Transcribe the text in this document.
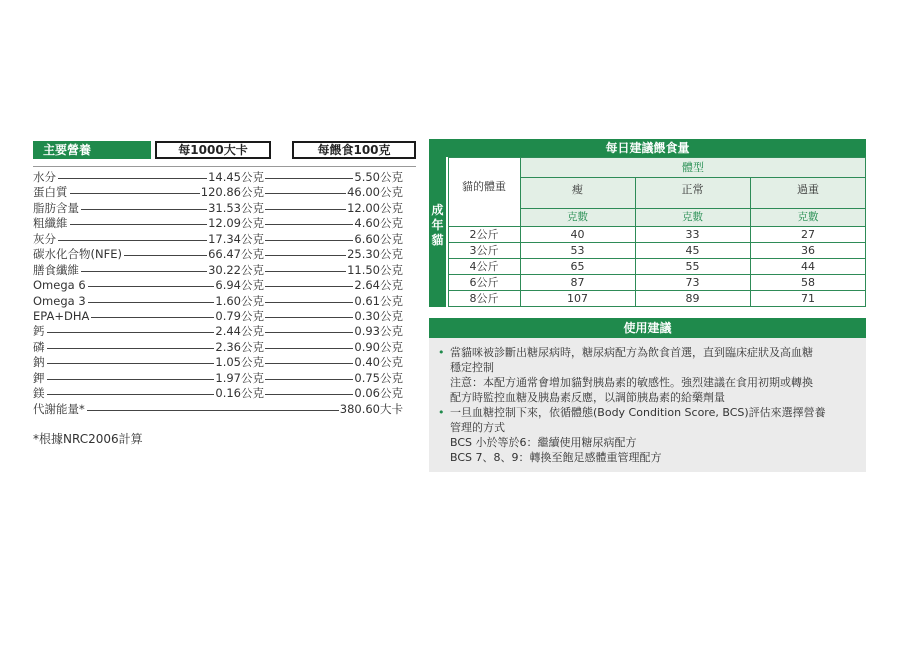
主要營養	每1000大卡	每餵食100克
水分	14.45公克	5.50公克
蛋白質	120.86公克	46.00公克
脂肪含量	31.53公克	12.00公克
粗纖維	12.09公克	4.60公克
灰分	17.34公克	6.60公克
碳水化合物(NFE)	66.47公克	25.30公克
膳食纖維	30.22公克	11.50公克
Omega 6	6.94公克	2.64公克
Omega 3	1.60公克	0.61公克
EPA+DHA	0.79公克	0.30公克
鈣	2.44公克	0.93公克
磷	2.36公克	0.90公克
鈉	1.05公克	0.40公克
鉀	1.97公克	0.75公克
鎂	0.16公克	0.06公克
代謝能量*	380.60大卡
*根據NRC2006計算
每日建議餵食量
成
年
貓
體型
貓的體重	瘦	正常	過重
克數	克數	克數
2公斤	40	33	27
3公斤	53	45	36
4公斤	65	55	44
6公斤	87	73	58
8公斤	107	89	71
使用建議
• 當貓咪被診斷出糖尿病時，糖尿病配方為飲食首選，直到臨床症狀及高血糖
穩定控制
注意：本配方通常會增加貓對胰島素的敏感性。強烈建議在食用初期或轉換
配方時監控血糖及胰島素反應，以調節胰島素的給藥劑量
• 一旦血糖控制下來，依循體態(Body Condition Score, BCS)評估來選擇營養
管理的方式
BCS 小於等於6：繼續使用糖尿病配方
BCS 7、8、9：轉換至飽足感體重管理配方
